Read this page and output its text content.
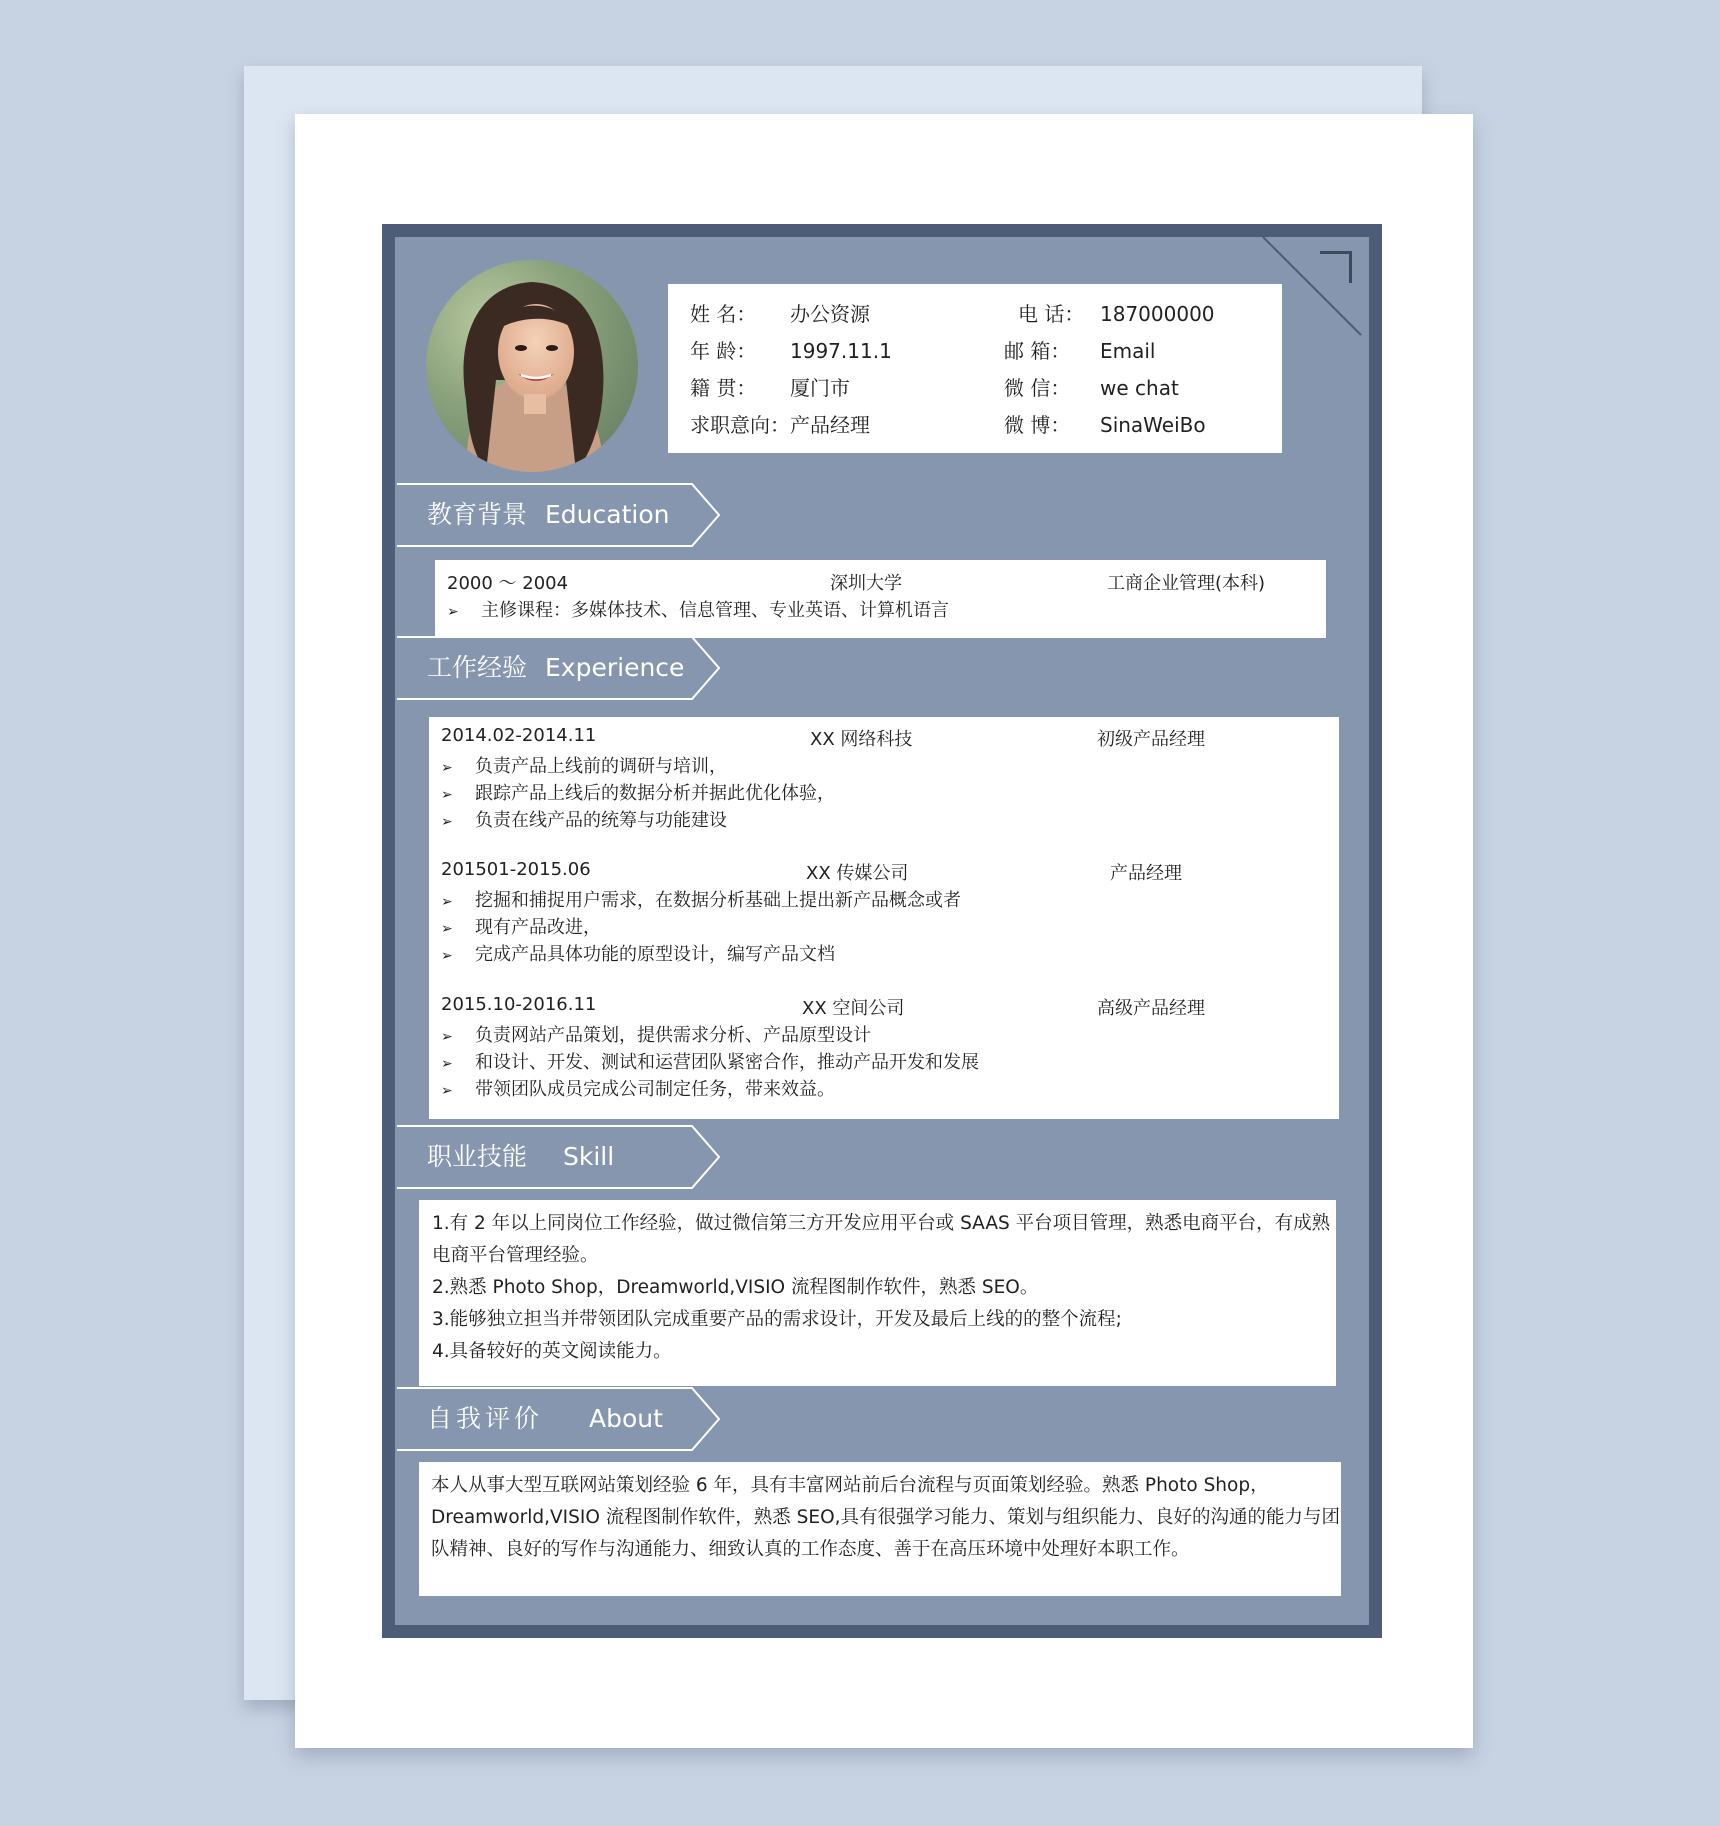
姓 名： 办公资源
年 龄： 1997.11.1
籍 贯： 厦门市
求职意向：产品经理
电 话： 187000000
邮 箱： Email
微 信： we chat
微 博： SinaWeiBo
教育背景 Education
2000 ～ 2004	深圳大学	工商企业管理(本科)
➢ 主修课程：多媒体技术、信息管理、专业英语、计算机语言
工作经验 Experience
2014.02-2014.11	XX 网络科技	初级产品经理
➢ 负责产品上线前的调研与培训，
➢ 跟踪产品上线后的数据分析并据此优化体验，
➢ 负责在线产品的统筹与功能建设
201501-2015.06	XX 传媒公司	产品经理
➢ 挖掘和捕捉用户需求，在数据分析基础上提出新产品概念或者
➢ 现有产品改进，
➢ 完成产品具体功能的原型设计，编写产品文档
2015.10-2016.11	XX 空间公司	高级产品经理
➢ 负责网站产品策划，提供需求分析、产品原型设计
➢ 和设计、开发、测试和运营团队紧密合作，推动产品开发和发展
➢ 带领团队成员完成公司制定任务，带来效益。
职业技能 Skill
1.有 2 年以上同岗位工作经验，做过微信第三方开发应用平台或 SAAS 平台项目管理，熟悉电商平台，有成熟
电商平台管理经验。
2.熟悉 Photo Shop，Dreamworld,VISIO 流程图制作软件，熟悉 SEO。
3.能够独立担当并带领团队完成重要产品的需求设计，开发及最后上线的的整个流程;
4.具备较好的英文阅读能力。
自我评价 About
本人从事大型互联网站策划经验 6 年，具有丰富网站前后台流程与页面策划经验。熟悉 Photo Shop，
Dreamworld,VISIO 流程图制作软件，熟悉 SEO,具有很强学习能力、策划与组织能力、良好的沟通的能力与团
队精神、良好的写作与沟通能力、细致认真的工作态度、善于在高压环境中处理好本职工作。
